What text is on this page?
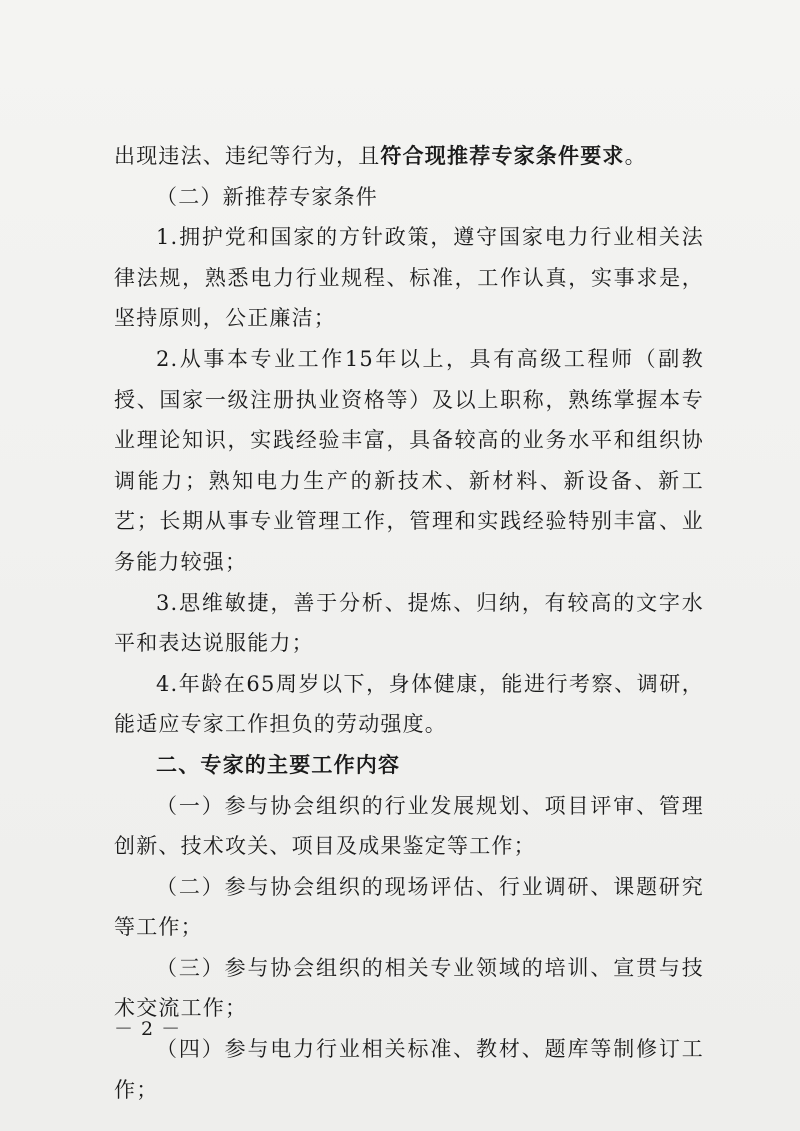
出现违法、违纪等行为，且符合现推荐专家条件要求。

（二）新推荐专家条件

1.拥护党和国家的方针政策，遵守国家电力行业相关法律法规，熟悉电力行业规程、标准，工作认真，实事求是，坚持原则，公正廉洁；

2.从事本专业工作15年以上，具有高级工程师（副教授、国家一级注册执业资格等）及以上职称，熟练掌握本专业理论知识，实践经验丰富，具备较高的业务水平和组织协调能力；熟知电力生产的新技术、新材料、新设备、新工艺；长期从事专业管理工作，管理和实践经验特别丰富、业务能力较强；

3.思维敏捷，善于分析、提炼、归纳，有较高的文字水平和表达说服能力；

4.年龄在65周岁以下，身体健康，能进行考察、调研，能适应专家工作担负的劳动强度。

二、专家的主要工作内容

（一）参与协会组织的行业发展规划、项目评审、管理创新、技术攻关、项目及成果鉴定等工作；

（二）参与协会组织的现场评估、行业调研、课题研究等工作；

（三）参与协会组织的相关专业领域的培训、宣贯与技术交流工作；

（四）参与电力行业相关标准、教材、题库等制修订工作；

－ 2 －
